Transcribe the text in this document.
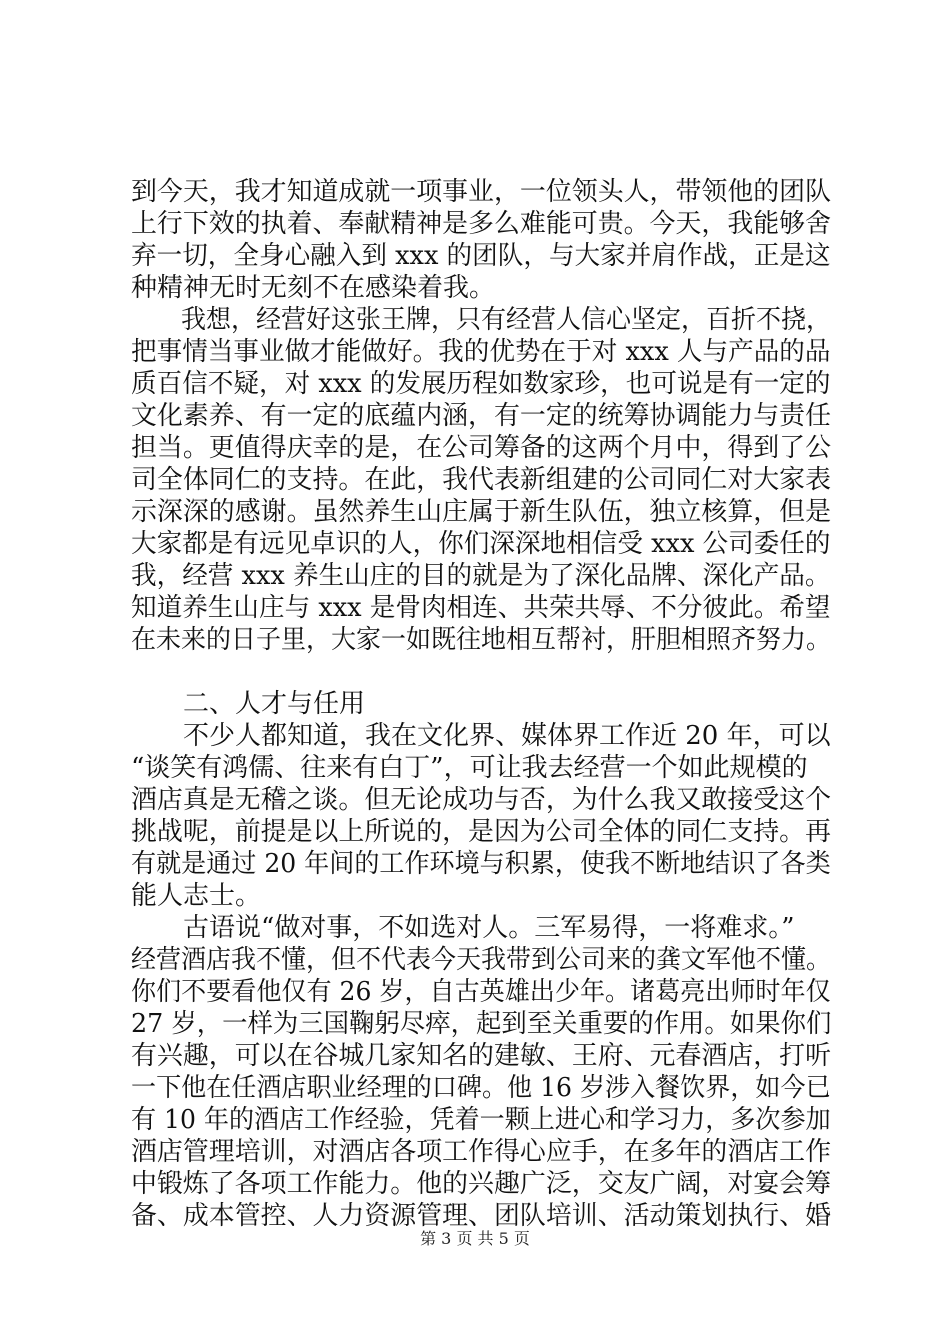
到今天，我才知道成就一项事业，一位领头人，带领他的团队
上行下效的执着、奉献精神是多么难能可贵。今天，我能够舍
弃一切，全身心融入到 xxx 的团队，与大家并肩作战，正是这
种精神无时无刻不在感染着我。
　　我想，经营好这张王牌，只有经营人信心坚定，百折不挠，
把事情当事业做才能做好。我的优势在于对 xxx 人与产品的品
质百信不疑，对 xxx 的发展历程如数家珍，也可说是有一定的
文化素养、有一定的底蕴内涵，有一定的统筹协调能力与责任
担当。更值得庆幸的是，在公司筹备的这两个月中，得到了公
司全体同仁的支持。在此，我代表新组建的公司同仁对大家表
示深深的感谢。虽然养生山庄属于新生队伍，独立核算，但是
大家都是有远见卓识的人，你们深深地相信受 xxx 公司委任的
我，经营 xxx 养生山庄的目的就是为了深化品牌、深化产品。
知道养生山庄与 xxx 是骨肉相连、共荣共辱、不分彼此。希望
在未来的日子里，大家一如既往地相互帮衬，肝胆相照齐努力。
　　二、人才与任用
　　不少人都知道，我在文化界、媒体界工作近 20 年，可以
“谈笑有鸿儒、往来有白丁”，可让我去经营一个如此规模的
酒店真是无稽之谈。但无论成功与否，为什么我又敢接受这个
挑战呢，前提是以上所说的，是因为公司全体的同仁支持。再
有就是通过 20 年间的工作环境与积累，使我不断地结识了各类
能人志士。
　　古语说“做对事，不如选对人。三军易得，一将难求。”
经营酒店我不懂，但不代表今天我带到公司来的龚文军他不懂。
你们不要看他仅有 26 岁，自古英雄出少年。诸葛亮出师时年仅
27 岁，一样为三国鞠躬尽瘁，起到至关重要的作用。如果你们
有兴趣，可以在谷城几家知名的建敏、王府、元春酒店，打听
一下他在任酒店职业经理的口碑。他 16 岁涉入餐饮界，如今已
有 10 年的酒店工作经验，凭着一颗上进心和学习力，多次参加
酒店管理培训，对酒店各项工作得心应手，在多年的酒店工作
中锻炼了各项工作能力。他的兴趣广泛，交友广阔，对宴会筹
备、成本管控、人力资源管理、团队培训、活动策划执行、婚
第 3 页 共 5 页
